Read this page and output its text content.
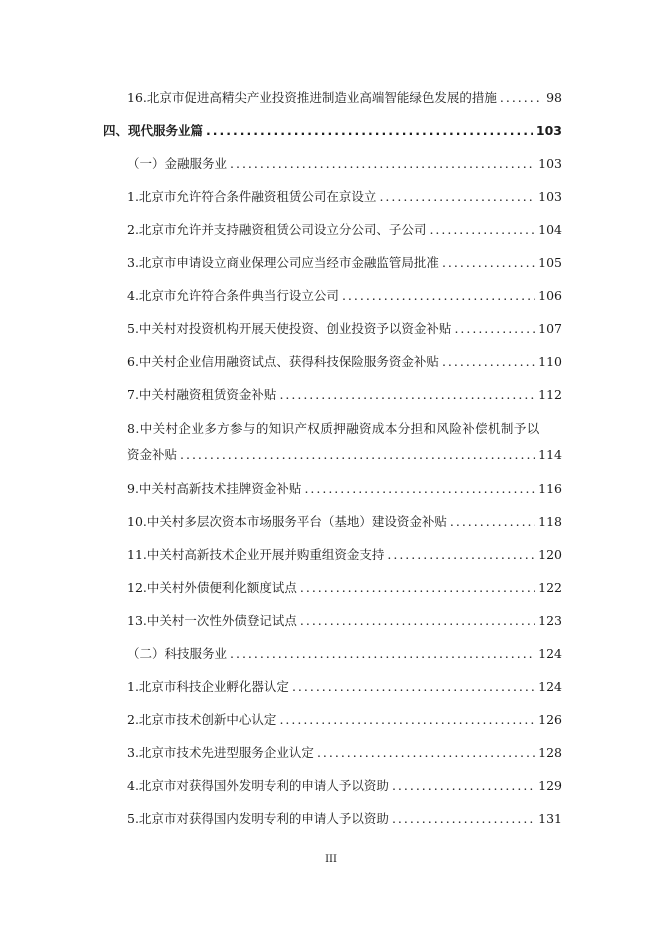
16.北京市促进高精尖产业投资推进制造业高端智能绿色发展的措施 .....	98
四、现代服务业篇 .....	103
（一）金融服务业 .....	103
1.北京市允许符合条件融资租赁公司在京设立 .....	103
2.北京市允许并支持融资租赁公司设立分公司、子公司 .....	104
3.北京市申请设立商业保理公司应当经市金融监管局批准 .....	105
4.北京市允许符合条件典当行设立公司 .....	106
5.中关村对投资机构开展天使投资、创业投资予以资金补贴 .....	107
6.中关村企业信用融资试点、获得科技保险服务资金补贴 .....	110
7.中关村融资租赁资金补贴 .....	112
8.中关村企业多方参与的知识产权质押融资成本分担和风险补偿机制予以
资金补贴 .....	114
9.中关村高新技术挂牌资金补贴 .....	116
10.中关村多层次资本市场服务平台（基地）建设资金补贴 .....	118
11.中关村高新技术企业开展并购重组资金支持 .....	120
12.中关村外债便利化额度试点 .....	122
13.中关村一次性外债登记试点 .....	123
（二）科技服务业 .....	124
1.北京市科技企业孵化器认定 .....	124
2.北京市技术创新中心认定 .....	126
3.北京市技术先进型服务企业认定 .....	128
4.北京市对获得国外发明专利的申请人予以资助 .....	129
5.北京市对获得国内发明专利的申请人予以资助 .....	131
III
